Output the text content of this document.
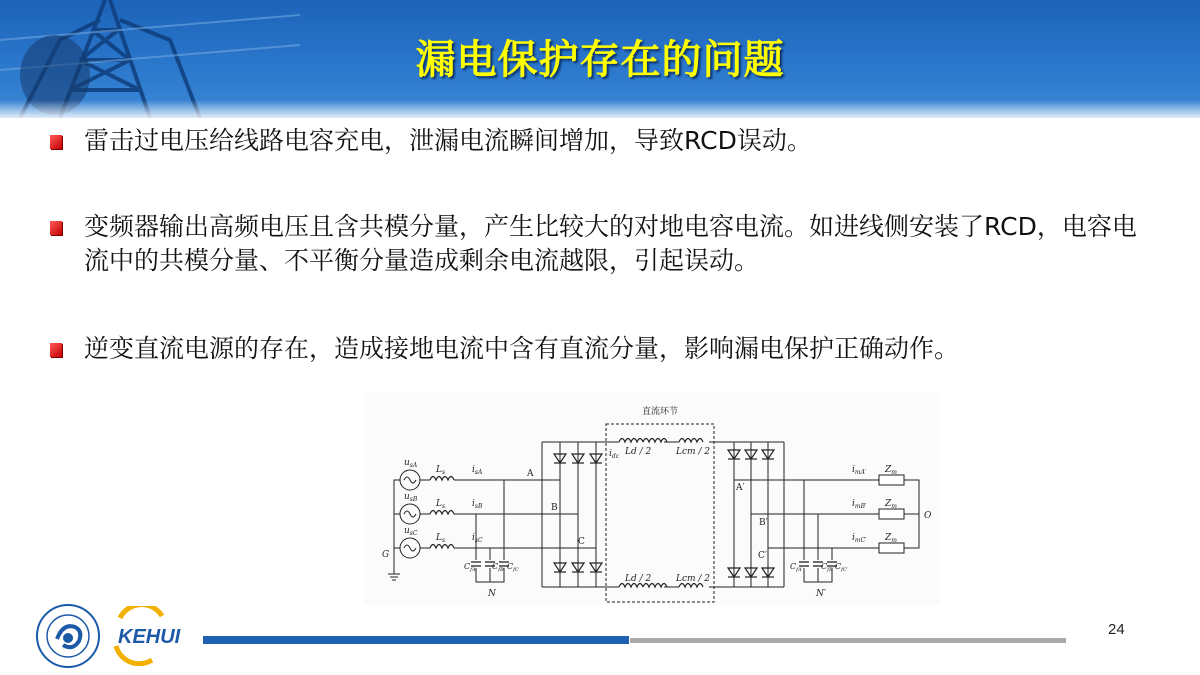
漏电保护存在的问题
雷击过电压给线路电容充电，泄漏电流瞬间增加，导致RCD误动。
变频器输出高频电压且含共模分量，产生比较大的对地电容电流。如进线侧安装了RCD，电容电流中的共模分量、不平衡分量造成剩余电流越限，引起误动。
逆变直流电源的存在，造成接地电流中含有直流分量，影响漏电保护正确动作。
直流环节
$u_{sA}$
$u_{sB}$
$u_{sC}$
$L_s$
$L_s$
$L_s$
$i_{sA}$
$i_{sB}$
$i_{sC}$
G
A
B
C
A′
B′
C′
$i_{dc}$ Ld / 2	Lcm / 2
Ld / 2	Lcm / 2
$C_{fA}$ $C_{fB}$ $C_{fC}$	$C_{fA'}$ $C_{fB'}$ $C_{fC'}$
N	N′
$i_{mA'}$
$i_{mB'}$
$i_{mC'}$
$Z_m$
$Z_m$
$Z_m$
O
KEHUI	24
